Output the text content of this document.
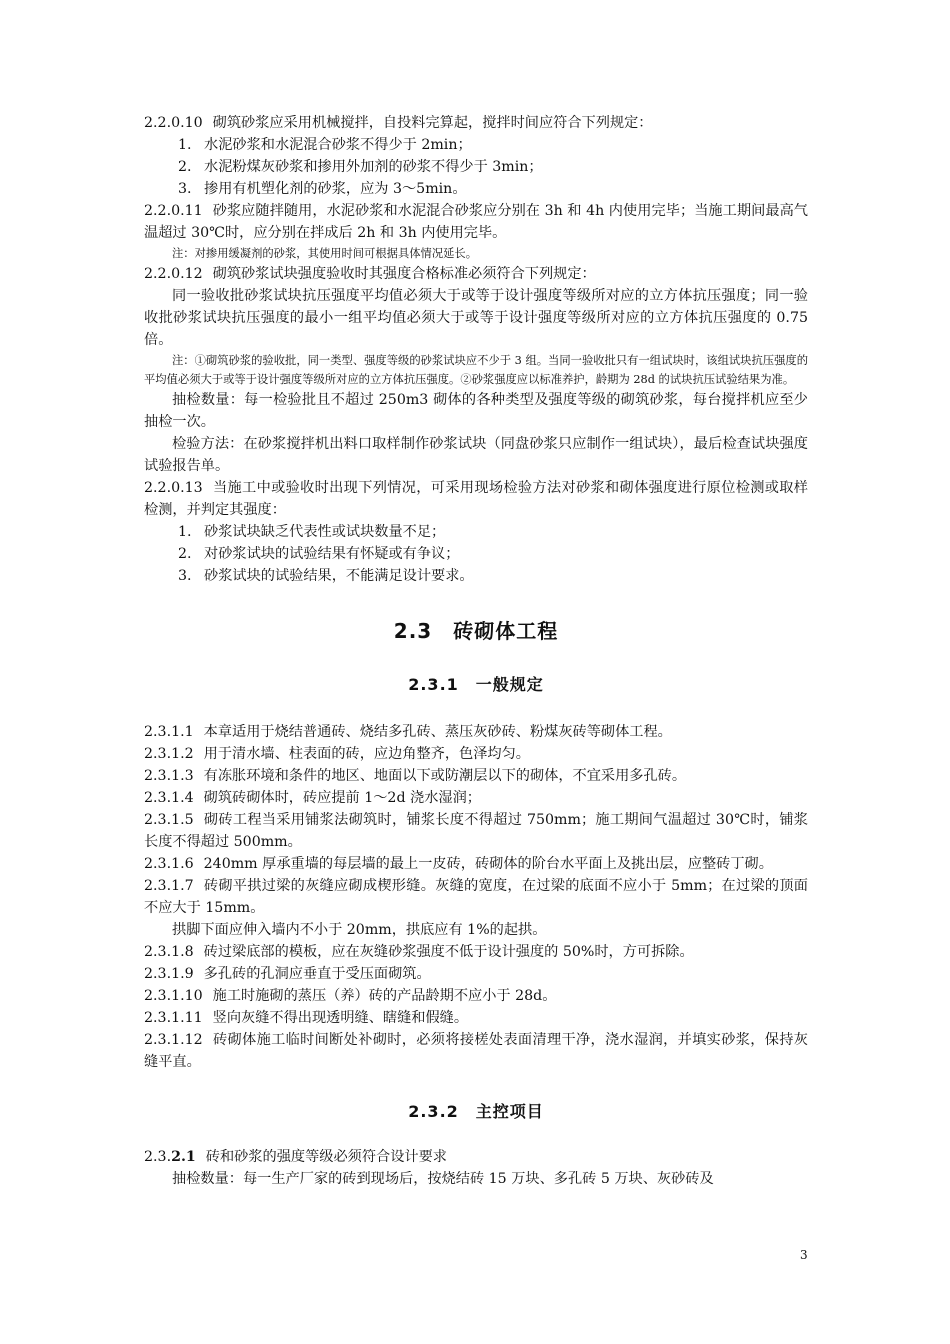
2.2.0.10 砌筑砂浆应采用机械搅拌，自投料完算起，搅拌时间应符合下列规定：

1. 水泥砂浆和水泥混合砂浆不得少于 2min；

2. 水泥粉煤灰砂浆和掺用外加剂的砂浆不得少于 3min；

3. 掺用有机塑化剂的砂浆，应为 3～5min。

2.2.0.11 砂浆应随拌随用，水泥砂浆和水泥混合砂浆应分别在 3h 和 4h 内使用完毕；当施工期间最高气温超过 30℃时，应分别在拌成后 2h 和 3h 内使用完毕。

注：对掺用缓凝剂的砂浆，其使用时间可根据具体情况延长。

2.2.0.12 砌筑砂浆试块强度验收时其强度合格标准必须符合下列规定：

同一验收批砂浆试块抗压强度平均值必须大于或等于设计强度等级所对应的立方体抗压强度；同一验收批砂浆试块抗压强度的最小一组平均值必须大于或等于设计强度等级所对应的立方体抗压强度的 0.75 倍。

注：①砌筑砂浆的验收批，同一类型、强度等级的砂浆试块应不少于 3 组。当同一验收批只有一组试块时，该组试块抗压强度的平均值必须大于或等于设计强度等级所对应的立方体抗压强度。②砂浆强度应以标准养护，龄期为 28d 的试块抗压试验结果为准。

抽检数量：每一检验批且不超过 250m3 砌体的各种类型及强度等级的砌筑砂浆，每台搅拌机应至少抽检一次。

检验方法：在砂浆搅拌机出料口取样制作砂浆试块（同盘砂浆只应制作一组试块），最后检查试块强度试验报告单。

2.2.0.13 当施工中或验收时出现下列情况，可采用现场检验方法对砂浆和砌体强度进行原位检测或取样检测，并判定其强度：

1. 砂浆试块缺乏代表性或试块数量不足；

2. 对砂浆试块的试验结果有怀疑或有争议；

3. 砂浆试块的试验结果，不能满足设计要求。

2.3　砖砌体工程
2.3.1　一般规定

2.3.1.1 本章适用于烧结普通砖、烧结多孔砖、蒸压灰砂砖、粉煤灰砖等砌体工程。

2.3.1.2 用于清水墙、柱表面的砖，应边角整齐，色泽均匀。

2.3.1.3 有冻胀环境和条件的地区、地面以下或防潮层以下的砌体，不宜采用多孔砖。

2.3.1.4 砌筑砖砌体时，砖应提前 1～2d 浇水湿润；

2.3.1.5 砌砖工程当采用铺浆法砌筑时，铺浆长度不得超过 750mm；施工期间气温超过 30℃时，铺浆长度不得超过 500mm。

2.3.1.6 240mm 厚承重墙的每层墙的最上一皮砖，砖砌体的阶台水平面上及挑出层，应整砖丁砌。

2.3.1.7 砖砌平拱过梁的灰缝应砌成楔形缝。灰缝的宽度，在过梁的底面不应小于 5mm；在过梁的顶面不应大于 15mm。

拱脚下面应伸入墙内不小于 20mm，拱底应有 1%的起拱。

2.3.1.8 砖过梁底部的模板，应在灰缝砂浆强度不低于设计强度的 50%时，方可拆除。

2.3.1.9 多孔砖的孔洞应垂直于受压面砌筑。

2.3.1.10 施工时施砌的蒸压（养）砖的产品龄期不应小于 28d。

2.3.1.11 竖向灰缝不得出现透明缝、瞎缝和假缝。

2.3.1.12 砖砌体施工临时间断处补砌时，必须将接槎处表面清理干净，浇水湿润，并填实砂浆，保持灰缝平直。

2.3.2　主控项目

2.3.2.1 砖和砂浆的强度等级必须符合设计要求

抽检数量：每一生产厂家的砖到现场后，按烧结砖 15 万块、多孔砖 5 万块、灰砂砖及

3
